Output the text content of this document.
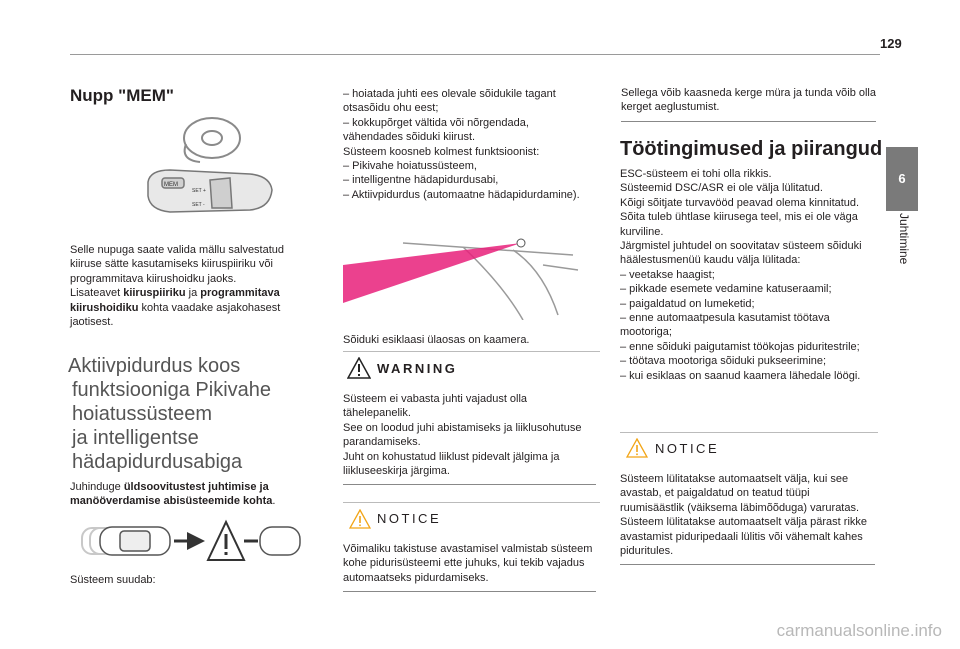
129
6
Juhtimine
Nupp "MEM"
MEM
SET +
SET -

Selle nupuga saate valida mällu salvestatud kiiruse sätte kasutamiseks kiiruspiiriku või programmitava kiirushoidku jaoks.

Lisateavet kiiruspiiriku ja programmitava kiirushoidiku kohta vaadake asjakohasest jaotisest.

Aktiivpidurdus koos
funktsiooniga Pikivahe
hoiatussüsteem
ja intelligentse
hädapidurdusabiga

Juhinduge üldsoovitustest juhtimise ja manööverdamise abisüsteemide kohta.

Süsteem suudab:

– hoiatada juhti ees olevale sõidukile tagant otsasõidu ohu eest;

– kokkupõrget vältida või nõrgendada, vähendades sõiduki kiirust.

Süsteem koosneb kolmest funktsioonist:

– Pikivahe hoiatussüsteem,

– intelligentne hädapidurdusabi,

– Aktiivpidurdus (automaatne hädapidurdamine).

Sõiduki esiklaasi ülaosas on kaamera.
WARNING

Süsteem ei vabasta juhti vajadust olla tähelepanelik.

See on loodud juhi abistamiseks ja liiklusohutuse parandamiseks.

Juht on kohustatud liiklust pidevalt jälgima ja liikluseeskirja järgima.

NOTICE
Võimaliku takistuse avastamisel valmistab süsteem kohe pidurisüsteemi ette juhuks, kui tekib vajadus automaatseks pidurdamiseks.

Sellega võib kaasneda kerge müra ja tunda võib olla kerget aeglustumist.

Töötingimused ja piirangud

ESC-süsteem ei tohi olla rikkis.

Süsteemid DSC/ASR ei ole välja lülitatud.

Kõigi sõitjate turvavööd peavad olema kinnitatud.

Sõita tuleb ühtlase kiirusega teel, mis ei ole väga kurviline.

Järgmistel juhtudel on soovitatav süsteem sõiduki häälestusmenüü kaudu välja lülitada:

– veetakse haagist;

– pikkade esemete vedamine katuseraamil;

– paigaldatud on lumeketid;

– enne automaatpesula kasutamist töötava mootoriga;

– enne sõiduki paigutamist töökojas piduritestrile;

– töötava mootoriga sõiduki pukseerimine;

– kui esiklaas on saanud kaamera lähedale löögi.

NOTICE

Süsteem lülitatakse automaatselt välja, kui see avastab, et paigaldatud on teatud tüüpi ruumisäästlik (väiksema läbimõõduga) varuratas.

Süsteem lülitatakse automaatselt välja pärast rikke avastamist piduripedaali lülitis või vähemalt kahes piduritules.

carmanualsonline.info
